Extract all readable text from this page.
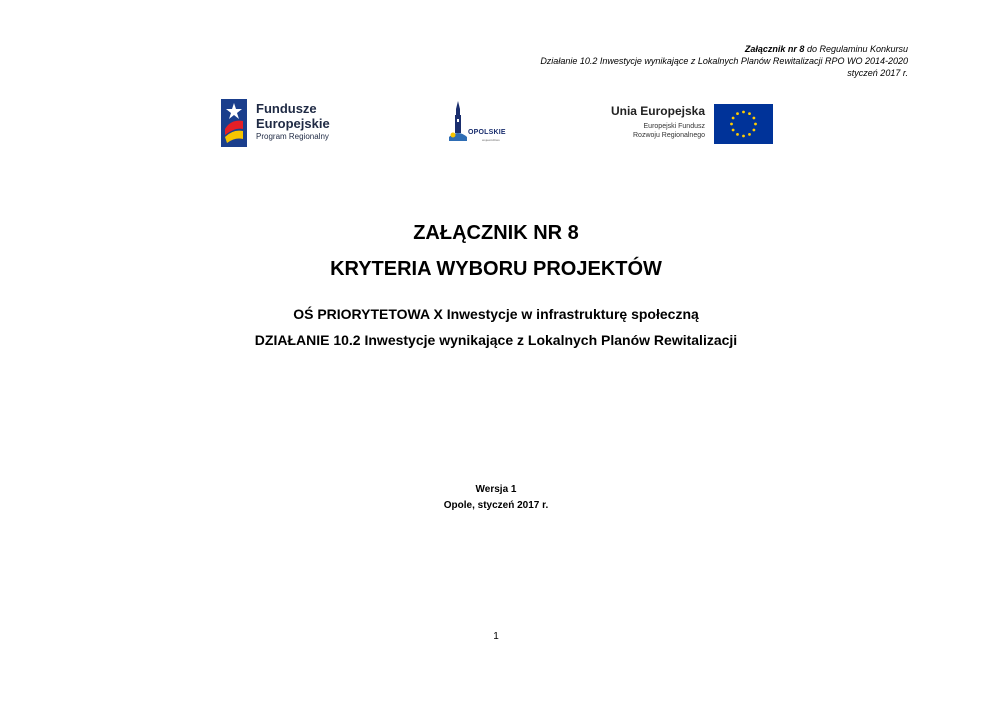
Załącznik nr 8 do Regulaminu Konkursu
Działanie 10.2 Inwestycje wynikające z Lokalnych Planów Rewitalizacji RPO WO 2014-2020
styczeń 2017 r.
Fundusze
Europejskie
Program Regionalny	OPOLSKIE
województwo
Unia Europejska
Europejski Fundusz
Rozwoju Regionalnego
ZAŁĄCZNIK NR 8
KRYTERIA WYBORU PROJEKTÓW
OŚ PRIORYTETOWA X Inwestycje w infrastrukturę społeczną
DZIAŁANIE 10.2 Inwestycje wynikające z Lokalnych Planów Rewitalizacji
Wersja 1
Opole, styczeń 2017 r.
1
